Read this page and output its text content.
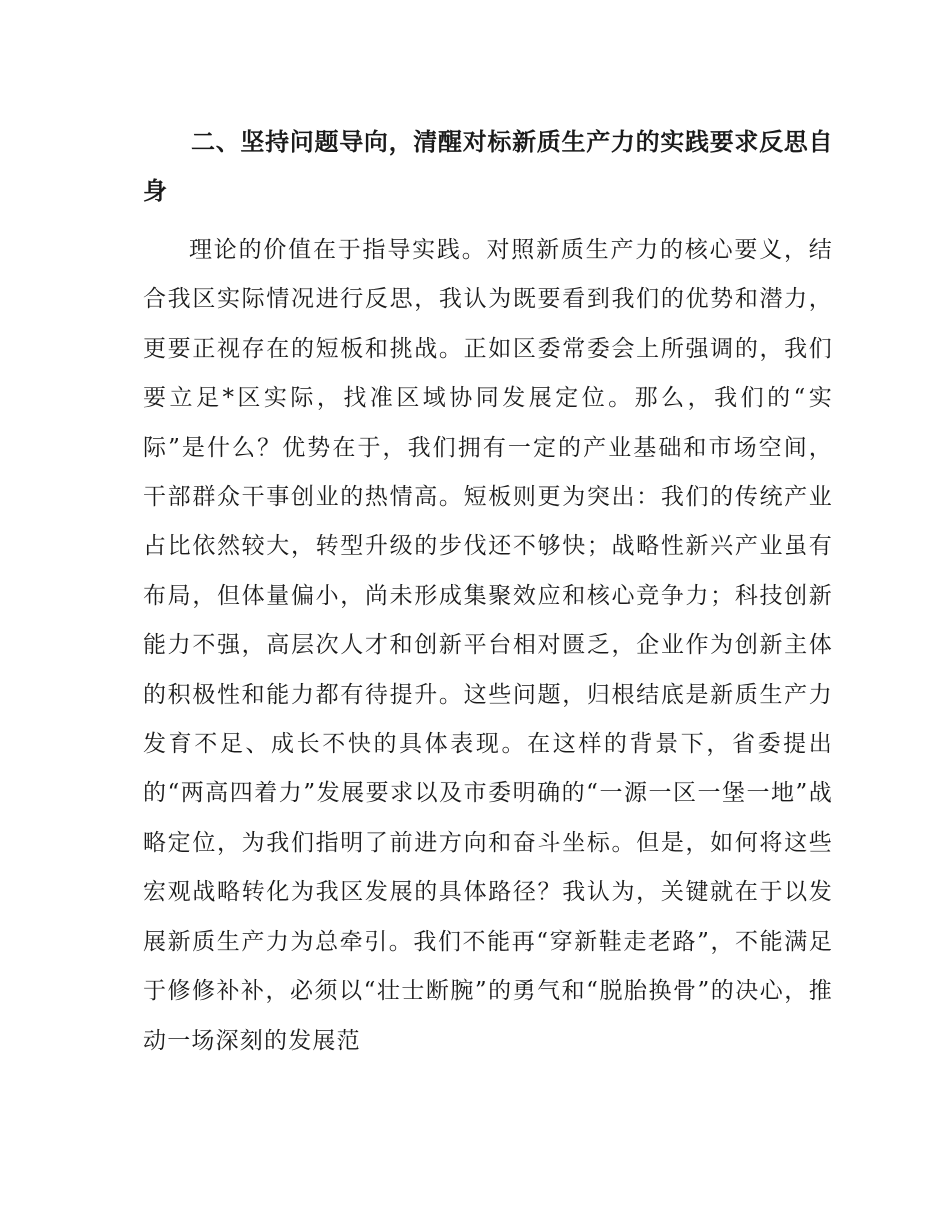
二、坚持问题导向，清醒对标新质生产力的实践要求反思自身

理论的价值在于指导实践。对照新质生产力的核心要义，结合我区实际情况进行反思，我认为既要看到我们的优势和潜力，更要正视存在的短板和挑战。正如区委常委会上所强调的，我们要立足*区实际，找准区域协同发展定位。那么，我们的“实际”是什么？优势在于，我们拥有一定的产业基础和市场空间，干部群众干事创业的热情高。短板则更为突出：我们的传统产业占比依然较大，转型升级的步伐还不够快；战略性新兴产业虽有布局，但体量偏小，尚未形成集聚效应和核心竞争力；科技创新能力不强，高层次人才和创新平台相对匮乏，企业作为创新主体的积极性和能力都有待提升。这些问题，归根结底是新质生产力发育不足、成长不快的具体表现。在这样的背景下，省委提出的“两高四着力”发展要求以及市委明确的“一源一区一堡一地”战略定位，为我们指明了前进方向和奋斗坐标。但是，如何将这些宏观战略转化为我区发展的具体路径？我认为，关键就在于以发展新质生产力为总牵引。我们不能再“穿新鞋走老路”，不能满足于修修补补，必须以“壮士断腕”的勇气和“脱胎换骨”的决心，推动一场深刻的发展范
